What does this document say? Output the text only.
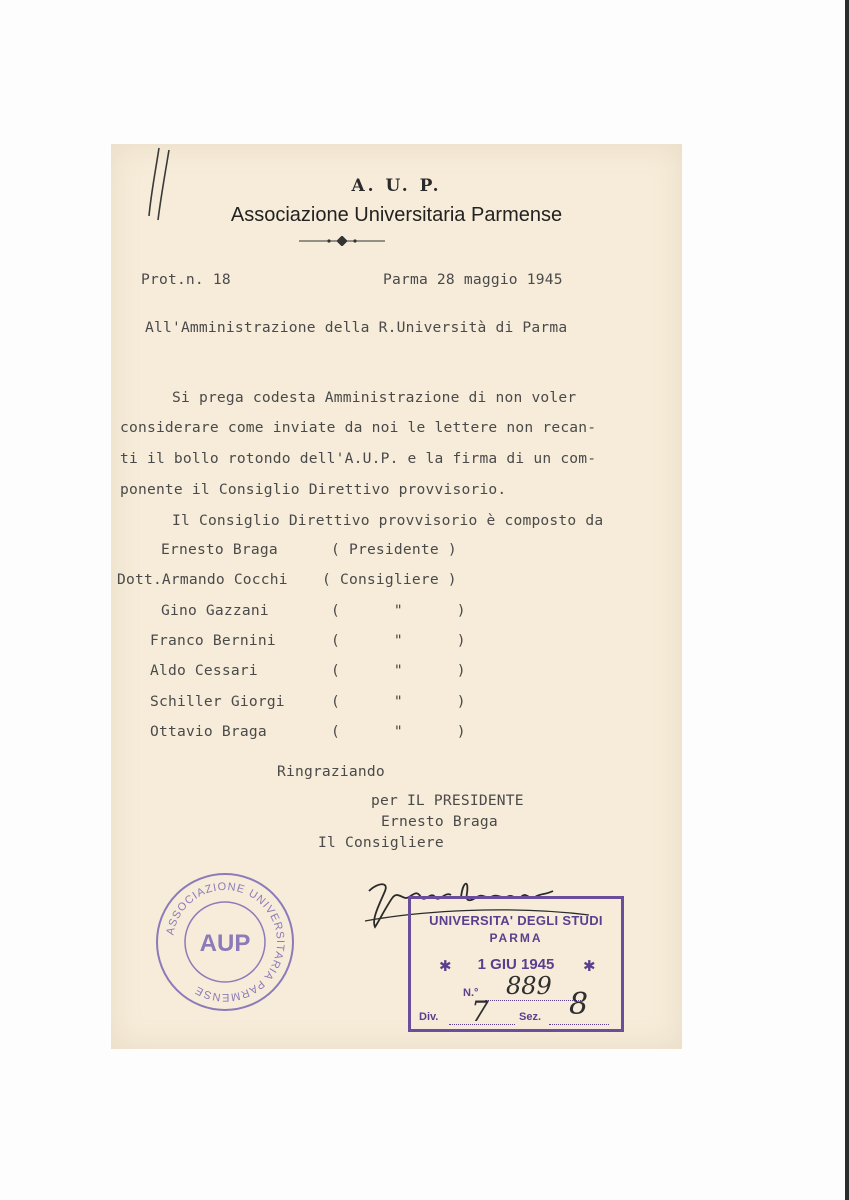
A. U. P.
Associazione Universitaria Parmense
Prot.n. 18	Parma 28 maggio 1945
All'Amministrazione della R.Università di Parma
Si prega codesta Amministrazione di non voler
considerare come inviate da noi le lettere non recan-
ti il bollo rotondo dell'A.U.P. e la firma di un com-
ponente il Consiglio Direttivo provvisorio.
Il Consiglio Direttivo provvisorio è composto da
Ernesto Braga	( Presidente )
Dott.Armando Cocchi ( Consigliere )
Gino Gazzani	(      "      )
Franco Bernini	(      "      )
Aldo Cessari	(      "      )
Schiller Giorgi	(      "      )
Ottavio Braga	(      "      )
Ringraziando
per IL PRESIDENTE
Ernesto Braga
Il Consigliere
ASSOCIAZIONE UNIVERSITARIA PARMENSE
AUP
UNIVERSITA' DEGLI STUDI
PARMA
✱	1 GIU 1945	✱
N.° 889
Div. 7	Sez. 8
